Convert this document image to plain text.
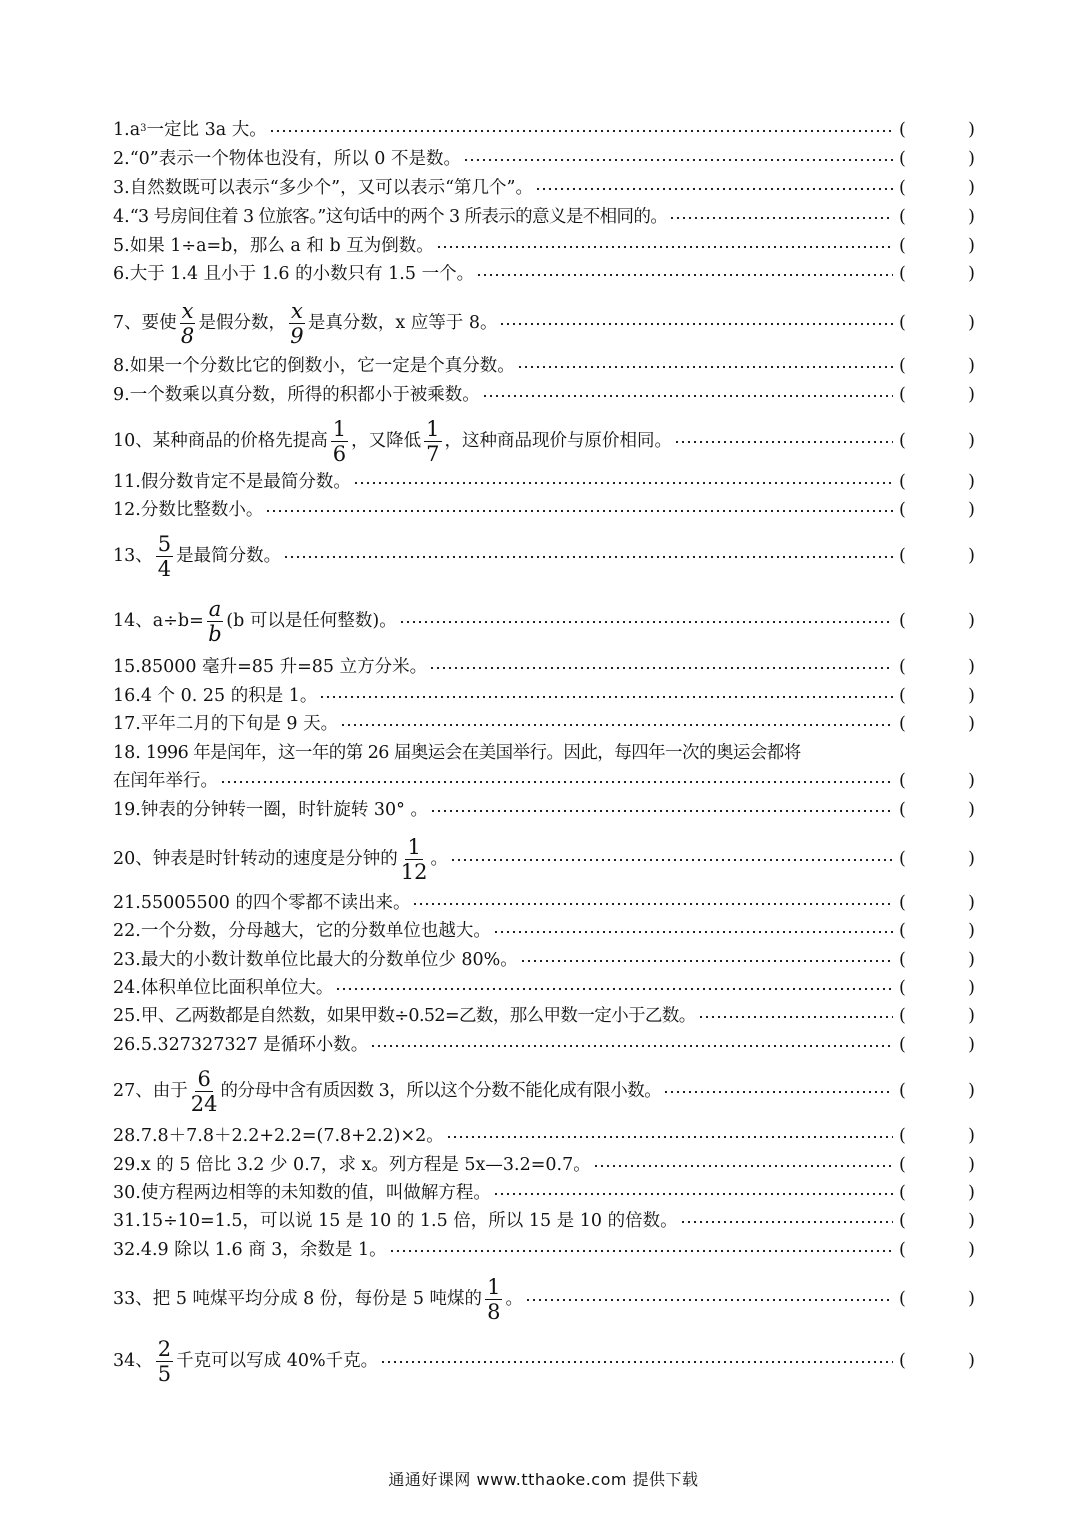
1. a 3 一定比 3a 大。	(	)
2. “0”表示一个物体也没有，所以 0 不是数。	(	)
3. 自然数既可以表示“多少个”，又可以表示“第几个”。	(	)
4. “3 号房间住着 3 位旅客。”这句话中的两个 3 所表示的意义是不相同的。	(	)
5. 如果 1÷a=b，那么 a 和 b 互为倒数。	(	)
6. 大于 1.4 且小于 1.6 的小数只有 1.5 一个。	(	)
7、 要使 $\frac{x}{8}$ 是假分数， $\frac{x}{9}$ 是真分数，x 应等于 8。	(	)
8. 如果一个分数比它的倒数小，它一定是个真分数。	(	)
9. 一个数乘以真分数，所得的积都小于被乘数。	(	)
10、 某种商品的价格先提高 $\frac{1}{6}$ ，又降低 $\frac{1}{7}$ ，这种商品现价与原价相同。	(	)
11. 假分数肯定不是最简分数。	(	)
12. 分数比整数小。	(	)
13、 $\frac{5}{4}$ 是最简分数。	(	)
14、 $a\div b= \frac{a}{b} (b$ 可以是任何整数)。	(	)
15. 85000 毫升=85 升=85 立方分米。	(	)
16. 4 个 0. 25 的积是 1。	(	)
17. 平年二月的下旬是 9 天。	(	)
18. 1996 年是闰年，这一年的第 26 届奥运会在美国举行。因此，每四年一次的奥运会都将
在闰年举行。	(	)
19. 钟表的分钟转一圈，时针旋转 30° 。	(	)
20、 钟表是时针转动的速度是分钟的 $\frac{1}{12}$ 。	(	)
21. 55005500 的四个零都不读出来。	(	)
22. 一个分数，分母越大，它的分数单位也越大。	(	)
23. 最大的小数计数单位比最大的分数单位少 80%。	(	)
24. 体积单位比面积单位大。	(	)
25. 甲、乙两数都是自然数，如果甲数÷0.52=乙数，那么甲数一定小于乙数。	(	)
26. 5.327327327 是循环小数。	(	)
27、 由于 $\frac{6}{24}$ 的分母中含有质因数 3，所以这个分数不能化成有限小数。	(	)
28. 7.8＋7.8＋2.2+2.2=(7.8+2.2)×2。	(	)
29. x 的 5 倍比 3.2 少 0.7，求 x。列方程是 5x—3.2=0.7。	(	)
30. 使方程两边相等的未知数的值，叫做解方程。	(	)
31. 15÷10=1.5，可以说 15 是 10 的 1.5 倍，所以 15 是 10 的倍数。	(	)
32. 4.9 除以 1.6 商 3，余数是 1。	(	)
33、 把 5 吨煤平均分成 8 份，每份是 5 吨煤的 $\frac{1}{8}$ 。	(	)
34、 $\frac{2}{5}$ 千克可以写成 40%千克。	(	)
通通好课网 www.tthaoke.com 提供下载
